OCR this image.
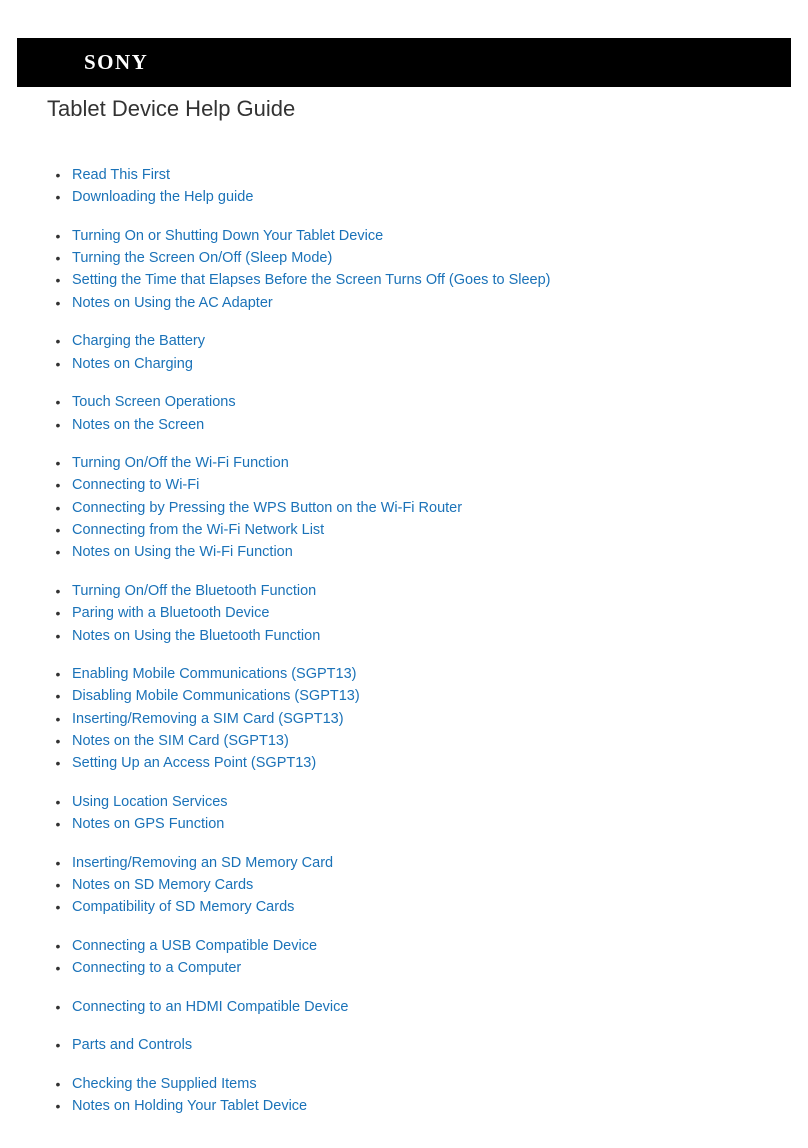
SONY
Tablet Device Help Guide
• Read This First
• Downloading the Help guide
• Turning On or Shutting Down Your Tablet Device
• Turning the Screen On/Off (Sleep Mode)
• Setting the Time that Elapses Before the Screen Turns Off (Goes to Sleep)
• Notes on Using the AC Adapter
• Charging the Battery
• Notes on Charging
• Touch Screen Operations
• Notes on the Screen
• Turning On/Off the Wi-Fi Function
• Connecting to Wi-Fi
• Connecting by Pressing the WPS Button on the Wi-Fi Router
• Connecting from the Wi-Fi Network List
• Notes on Using the Wi-Fi Function
• Turning On/Off the Bluetooth Function
• Paring with a Bluetooth Device
• Notes on Using the Bluetooth Function
• Enabling Mobile Communications (SGPT13)
• Disabling Mobile Communications (SGPT13)
• Inserting/Removing a SIM Card (SGPT13)
• Notes on the SIM Card (SGPT13)
• Setting Up an Access Point (SGPT13)
• Using Location Services
• Notes on GPS Function
• Inserting/Removing an SD Memory Card
• Notes on SD Memory Cards
• Compatibility of SD Memory Cards
• Connecting a USB Compatible Device
• Connecting to a Computer
• Connecting to an HDMI Compatible Device
• Parts and Controls
• Checking the Supplied Items
• Notes on Holding Your Tablet Device
